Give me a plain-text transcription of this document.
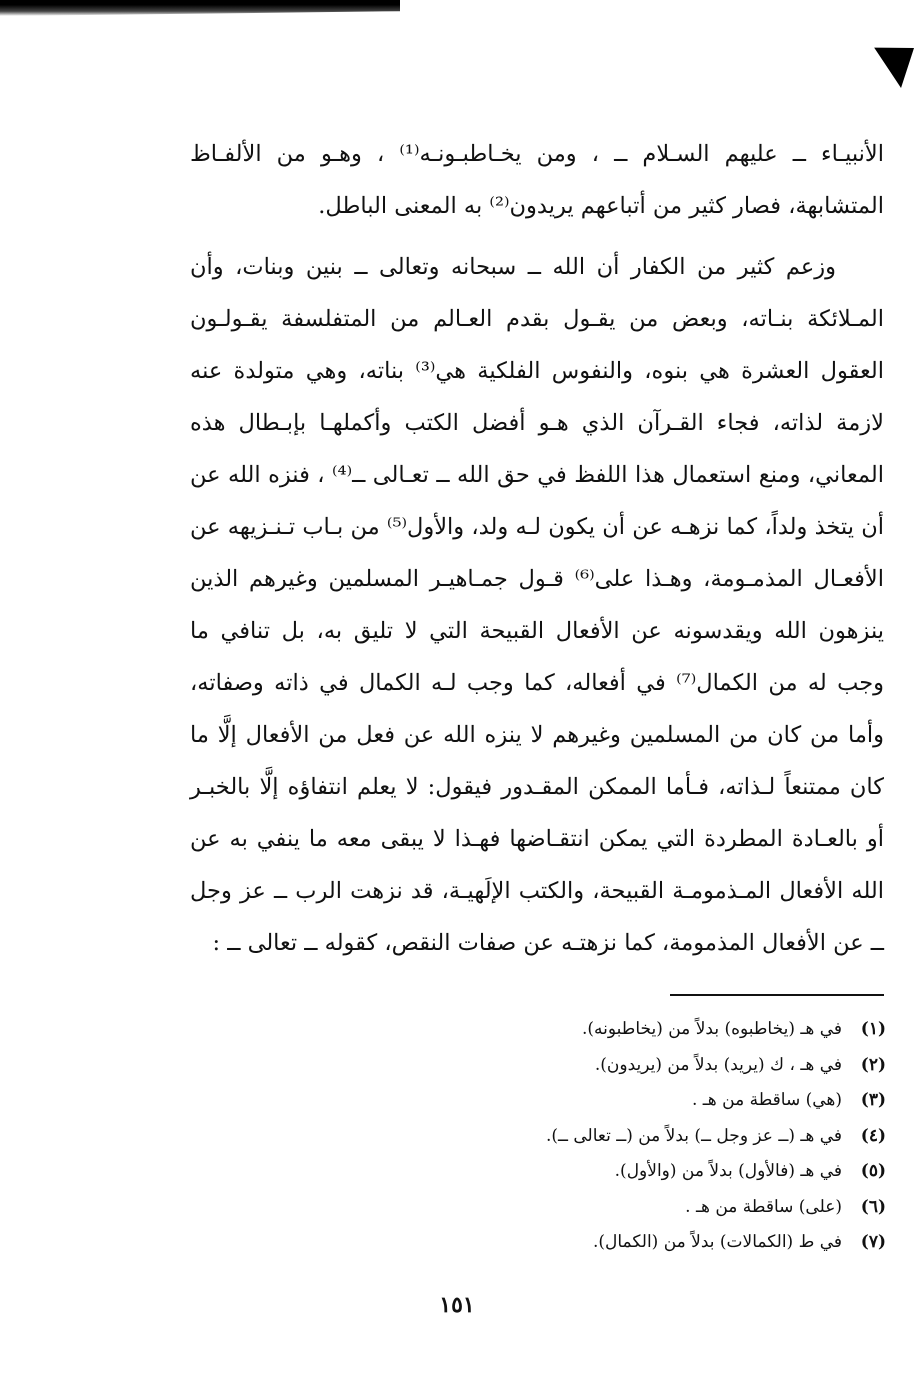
الأنبيـاء ــ عليهم السـلام ــ ، ومن يخـاطبـونـه⁽¹⁾ ، وهـو من الألفـاظ المتشابهة، فصار كثير من أتباعهم يريدون⁽²⁾ به المعنى الباطل.

وزعم كثير من الكفار أن الله ــ سبحانه وتعالى ــ بنين وبنات، وأن المـلائكة بنـاته، وبعض من يقـول بقدم العـالم من المتفلسفة يقـولـون العقول العشرة هي بنوه، والنفوس الفلكية هي⁽³⁾ بناته، وهي متولدة عنه لازمة لذاته، فجاء القـرآن الذي هـو أفضل الكتب وأكملهـا بإبـطال هذه المعاني، ومنع استعمال هذا اللفظ في حق الله ــ تعـالى ــ⁽⁴⁾ ، فنزه الله عن أن يتخذ ولداً، كما نزهـه عن أن يكون لـه ولد، والأول⁽⁵⁾ من بـاب تـنـزيهه عن الأفعـال المذمـومة، وهـذا على⁽⁶⁾ قـول جمـاهيـر المسلمين وغيرهم الذين ينزهون الله ويقدسونه عن الأفعال القبيحة التي لا تليق به، بل تنافي ما وجب له من الكمال⁽⁷⁾ في أفعاله، كما وجب لـه الكمال في ذاته وصفاته، وأما من كان من المسلمين وغيرهم لا ينزه الله عن فعل من الأفعال إلَّا ما كان ممتنعاً لـذاته، فـأما الممكن المقـدور فيقول: لا يعلم انتفاؤه إلَّا بالخبـر أو بالعـادة المطردة التي يمكن انتقـاضها فهـذا لا يبقى معه ما ينفي به عن الله الأفعال المـذمومـة القبيحة، والكتب الإلَهيـة، قد نزهت الرب ــ عز وجل ــ عن الأفعال المذمومة، كما نزهتـه عن صفات النقص، كقوله ــ تعالى ــ :

(١)
في هـ (يخاطبوه) بدلاً من (يخاطبونه).
(٢)
في هـ ، ك (يريد) بدلاً من (يريدون).
(٣)
(هي) ساقطة من هـ .
(٤)
في هـ (ــ عز وجل ــ) بدلاً من (ــ تعالى ــ).
(٥)
في هـ (فالأول) بدلاً من (والأول).
(٦)
(على) ساقطة من هـ .
(٧)
في ط (الكمالات) بدلاً من (الكمال).
١٥١
